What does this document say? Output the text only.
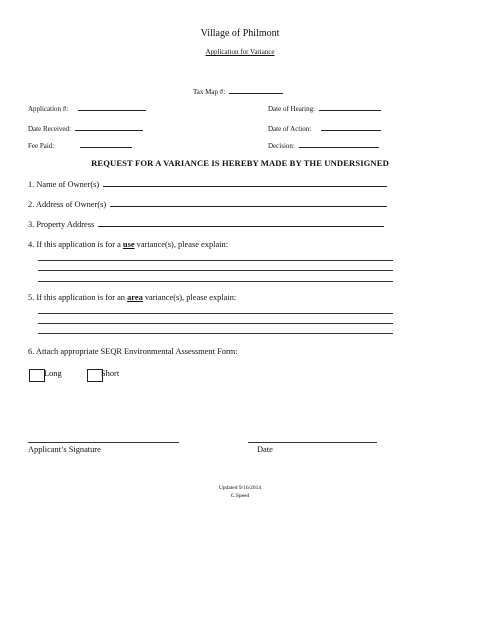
Village of Philmont
Application for Variance
Tax Map #:
Application #:	Date of Hearing:
Date Received:	Date of Action:
Fee Paid:	Decision:
REQUEST FOR A VARIANCE IS HEREBY MADE BY THE UNDERSIGNED
1. Name of Owner(s)
2. Address of Owner(s)
3. Property Address
4. If this application is for a use variance(s), please explain:
5. If this application is for an area variance(s), please explain:
6. Attach appropriate SEQR Environmental Assessment Form:
Long	Short
Applicant’s Signature	Date
Updated 9/16/2014
C.Speed
